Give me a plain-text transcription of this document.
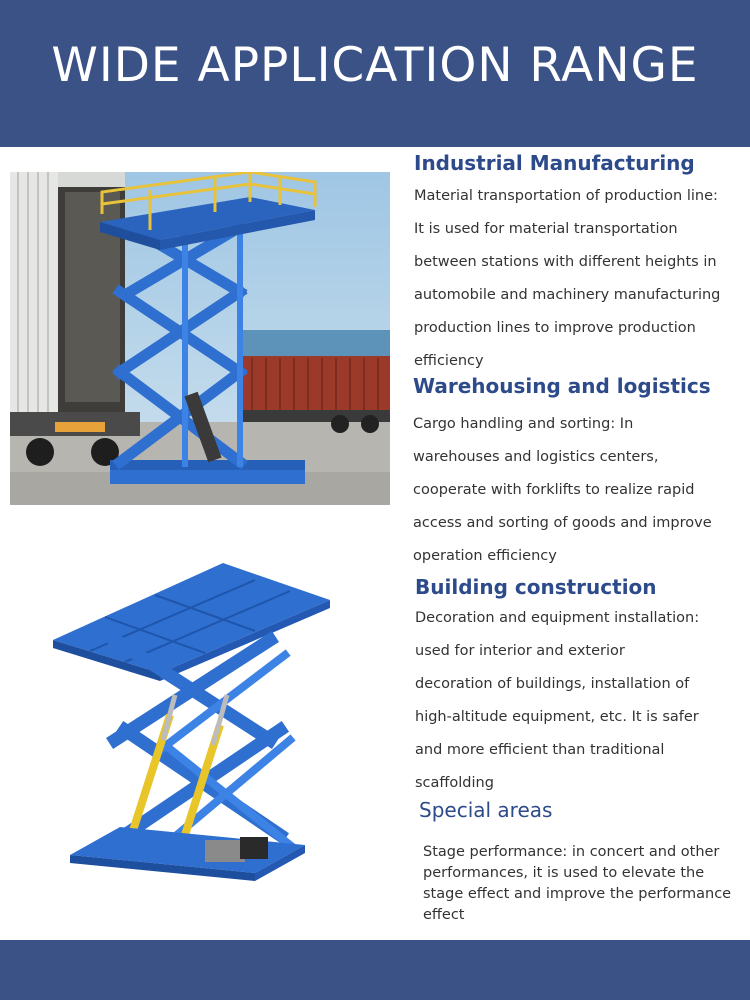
WIDE APPLICATION RANGE
Industrial Manufacturing
Material transportation of production line:
It is used for material transportation
between stations with different heights in
automobile and machinery manufacturing
production lines to improve production
efficiency
Warehousing and logistics
Cargo handling and sorting: In
warehouses and logistics centers,
cooperate with forklifts to realize rapid
access and sorting of goods and improve
operation efficiency
Building construction
Decoration and equipment installation:
used for interior and exterior
decoration of buildings, installation of
high-altitude equipment, etc. It is safer
and more efficient than traditional
scaffolding
Special areas
Stage performance: in concert and other
performances, it is used to elevate the
stage effect and improve the performance
effect
